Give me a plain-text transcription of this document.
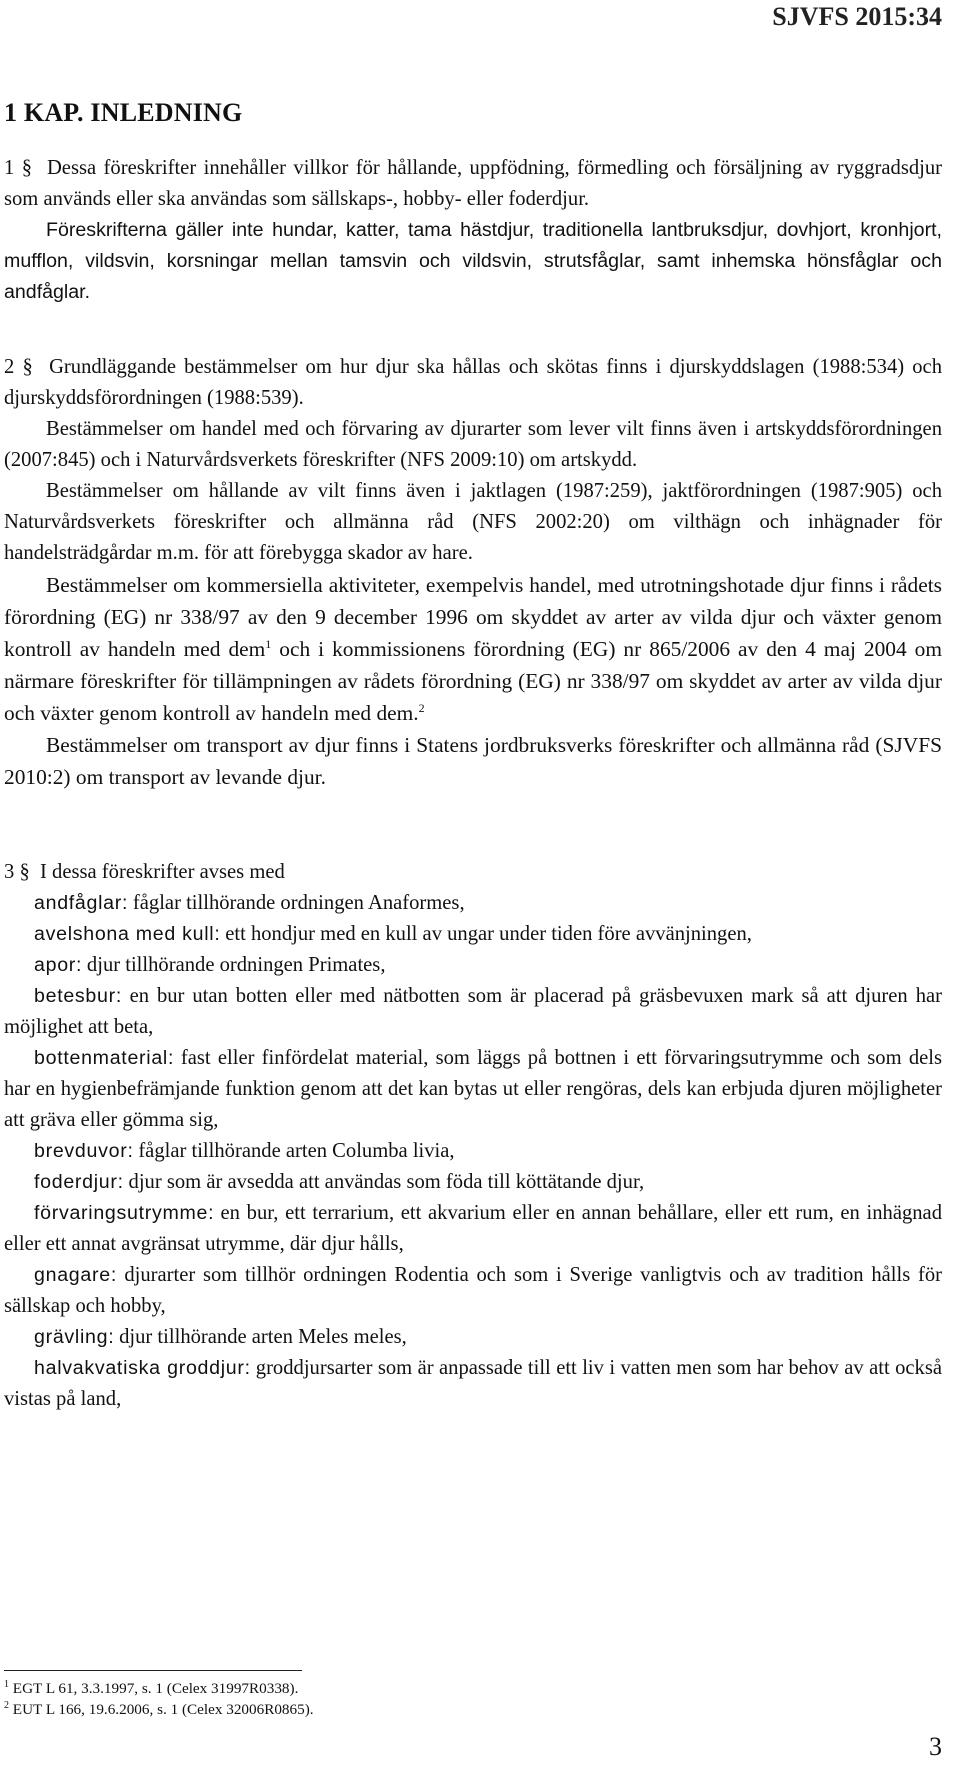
SJVFS 2015:34
1 KAP. INLEDNING

1 § Dessa föreskrifter innehåller villkor för hållande, uppfödning, förmedling och försäljning av ryggradsdjur som används eller ska användas som sällskaps-, hobby- eller foderdjur.

Föreskrifterna gäller inte hundar, katter, tama hästdjur, traditionella lantbruksdjur, dovhjort, kronhjort, mufflon, vildsvin, korsningar mellan tamsvin och vildsvin, strutsfåglar, samt inhemska hönsfåglar och andfåglar.

2 § Grundläggande bestämmelser om hur djur ska hållas och skötas finns i djurskyddslagen (1988:534) och djurskyddsförordningen (1988:539).

Bestämmelser om handel med och förvaring av djurarter som lever vilt finns även i artskyddsförordningen (2007:845) och i Naturvårdsverkets föreskrifter (NFS 2009:10) om artskydd.

Bestämmelser om hållande av vilt finns även i jaktlagen (1987:259), jaktförordningen (1987:905) och Naturvårdsverkets föreskrifter och allmänna råd (NFS 2002:20) om vilthägn och inhägnader för handelsträdgårdar m.m. för att förebygga skador av hare.

Bestämmelser om kommersiella aktiviteter, exempelvis handel, med utrotningshotade djur finns i rådets förordning (EG) nr 338/97 av den 9 december 1996 om skyddet av arter av vilda djur och växter genom kontroll av handeln med dem$^1$ och i kommissionens förordning (EG) nr 865/2006 av den 4 maj 2004 om närmare föreskrifter för tillämpningen av rådets förordning (EG) nr 338/97 om skyddet av arter av vilda djur och växter genom kontroll av handeln med dem.$^2$

Bestämmelser om transport av djur finns i Statens jordbruksverks föreskrifter och allmänna råd (SJVFS 2010:2) om transport av levande djur.

3 § I dessa föreskrifter avses med

andfåglar: fåglar tillhörande ordningen Anaformes,

avelshona med kull: ett hondjur med en kull av ungar under tiden före avvänjningen,

apor: djur tillhörande ordningen Primates,

betesbur: en bur utan botten eller med nätbotten som är placerad på gräsbevuxen mark så att djuren har möjlighet att beta,

bottenmaterial: fast eller finfördelat material, som läggs på bottnen i ett förvaringsutrymme och som dels har en hygienbefrämjande funktion genom att det kan bytas ut eller rengöras, dels kan erbjuda djuren möjligheter att gräva eller gömma sig,

brevduvor: fåglar tillhörande arten Columba livia,

foderdjur: djur som är avsedda att användas som föda till köttätande djur,

förvaringsutrymme: en bur, ett terrarium, ett akvarium eller en annan behållare, eller ett rum, en inhägnad eller ett annat avgränsat utrymme, där djur hålls,

gnagare: djurarter som tillhör ordningen Rodentia och som i Sverige vanligtvis och av tradition hålls för sällskap och hobby,

grävling: djur tillhörande arten Meles meles,

halvakvatiska groddjur: groddjursarter som är anpassade till ett liv i vatten men som har behov av att också vistas på land,

$^1$ EGT L 61, 3.3.1997, s. 1 (Celex 31997R0338).
$^2$ EUT L 166, 19.6.2006, s. 1 (Celex 32006R0865).
3
